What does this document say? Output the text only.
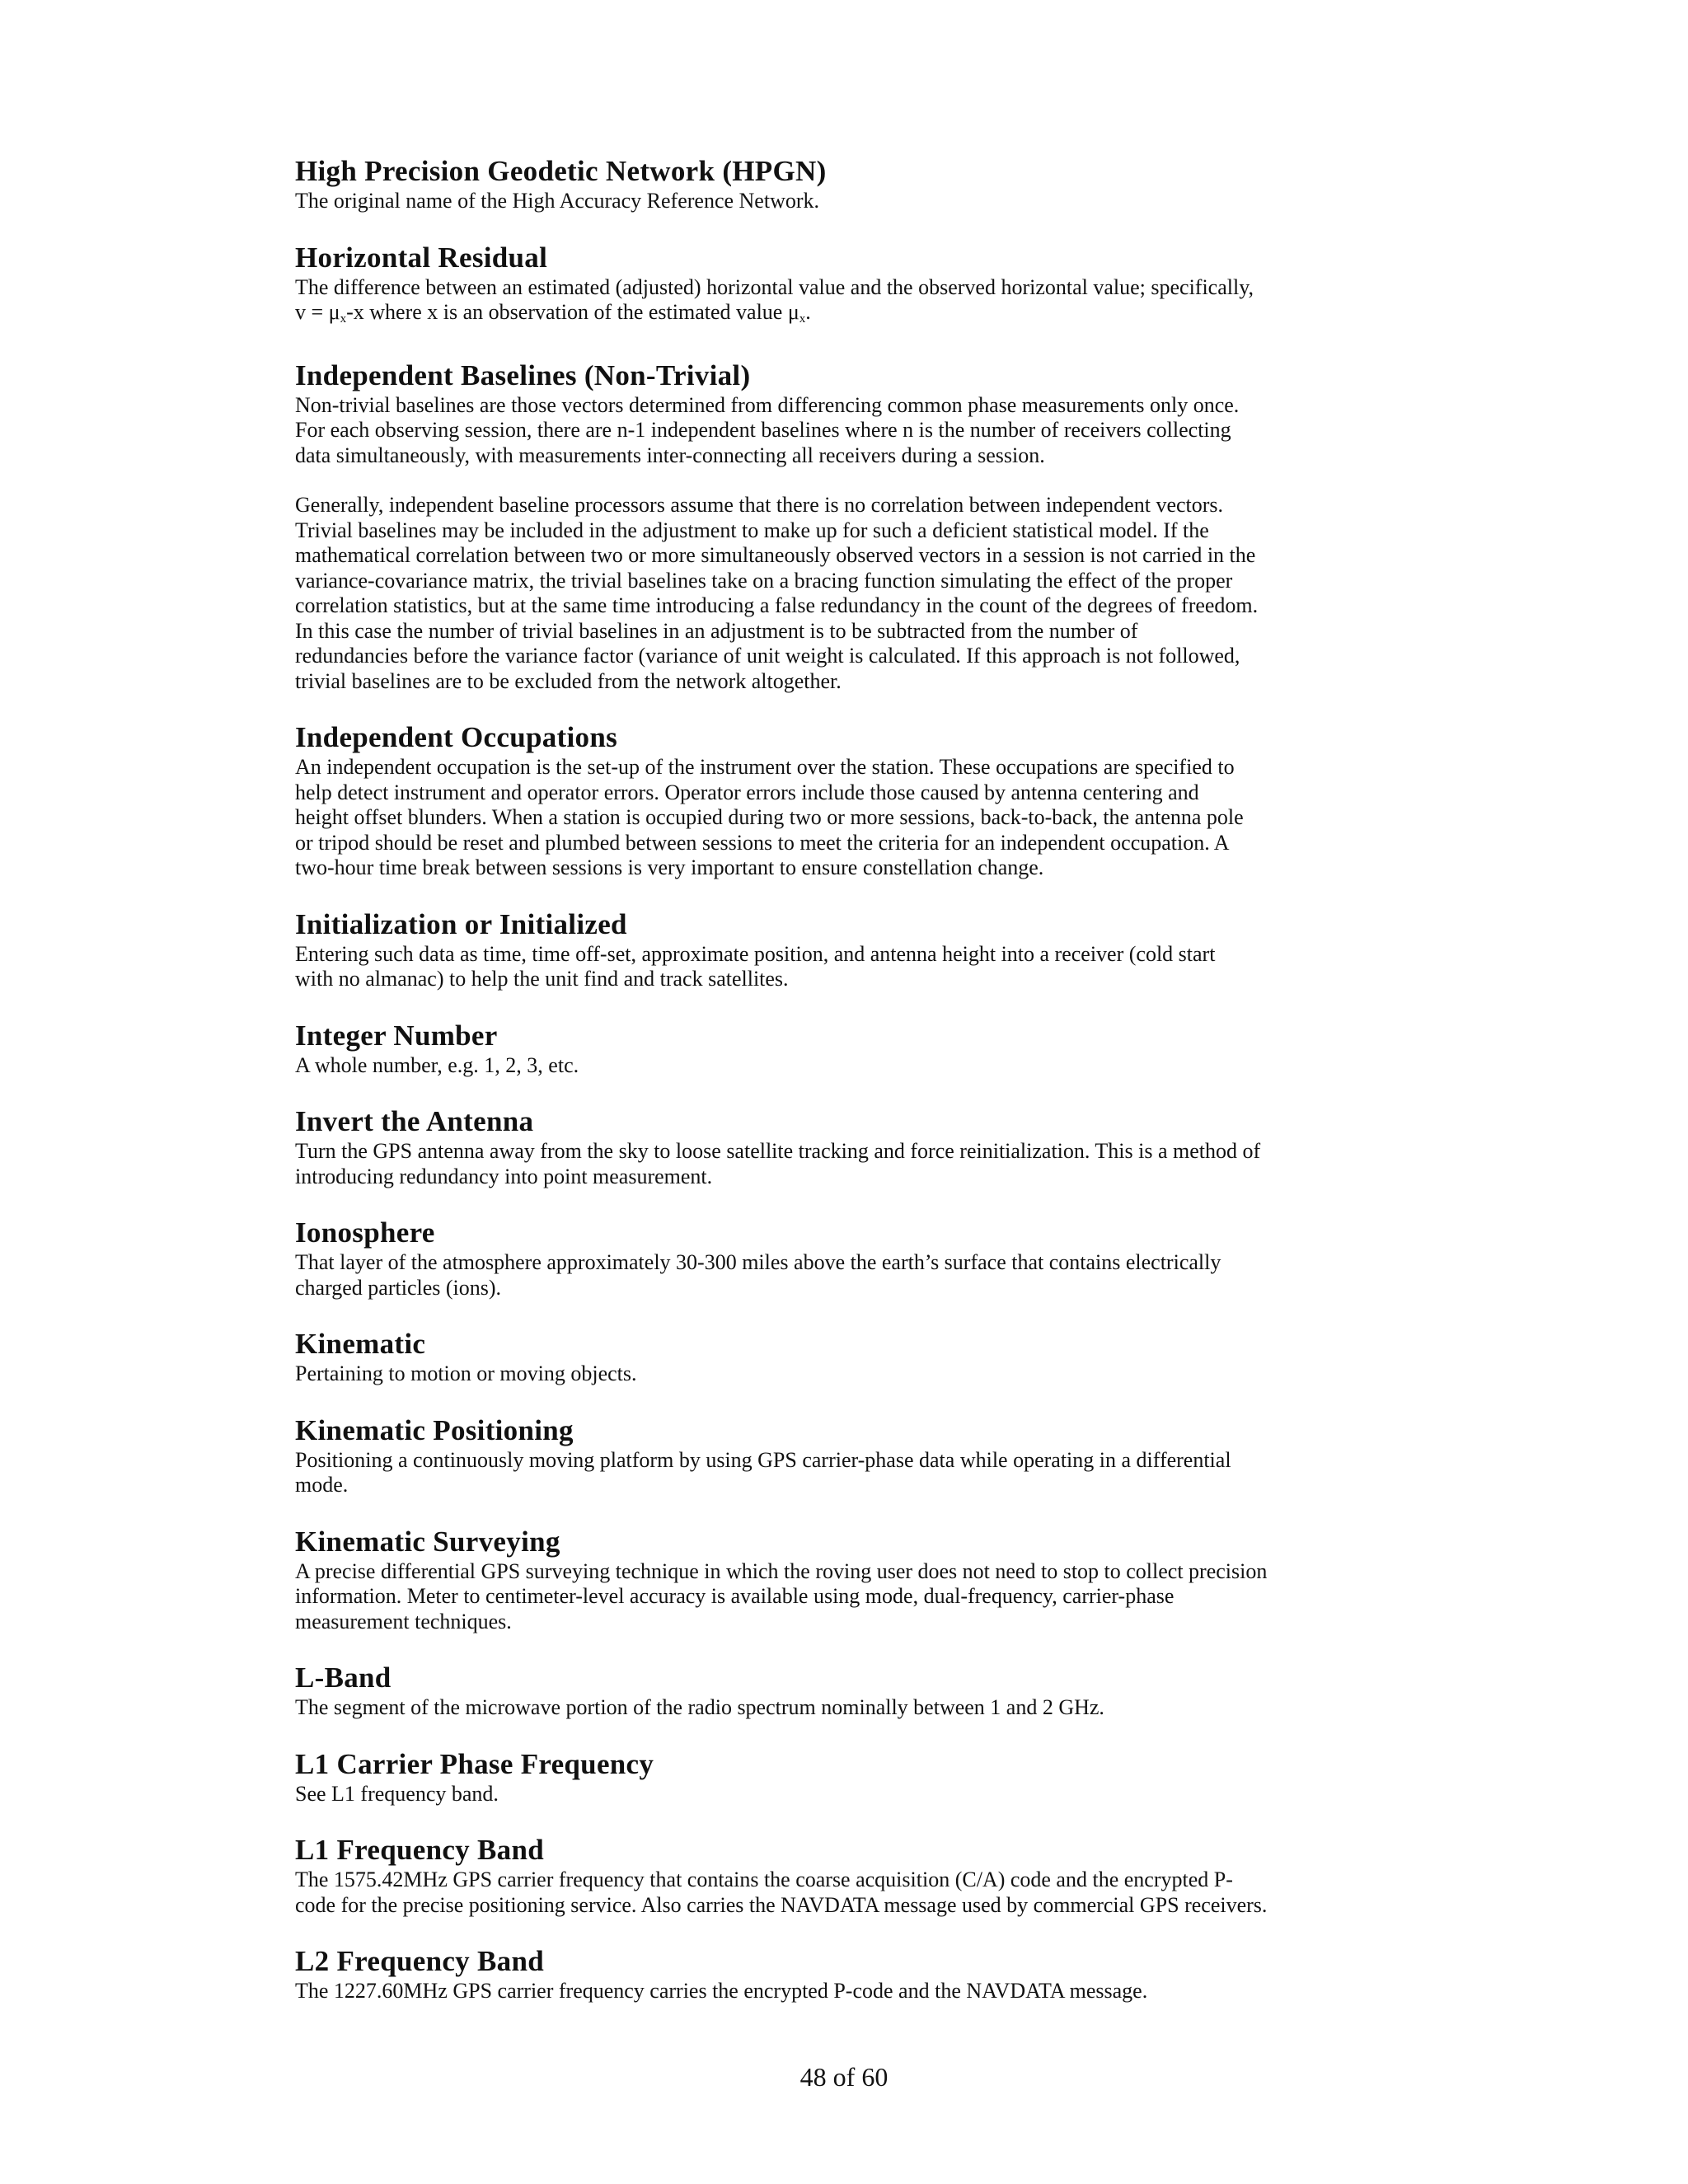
High Precision Geodetic Network (HPGN)

The original name of the High Accuracy Reference Network.

Horizontal Residual

The difference between an estimated (adjusted) horizontal value and the observed horizontal value; specifically,
$v = \mu_x-x$ where x is an observation of the estimated value $\mu_x$.

Independent Baselines (Non-Trivial)

Non-trivial baselines are those vectors determined from differencing common phase measurements only once.
For each observing session, there are n-1 independent baselines where n is the number of receivers collecting
data simultaneously, with measurements inter-connecting all receivers during a session.

Generally, independent baseline processors assume that there is no correlation between independent vectors.
Trivial baselines may be included in the adjustment to make up for such a deficient statistical model. If the
mathematical correlation between two or more simultaneously observed vectors in a session is not carried in the
variance-covariance matrix, the trivial baselines take on a bracing function simulating the effect of the proper
correlation statistics, but at the same time introducing a false redundancy in the count of the degrees of freedom.
In this case the number of trivial baselines in an adjustment is to be subtracted from the number of
redundancies before the variance factor (variance of unit weight is calculated. If this approach is not followed,
trivial baselines are to be excluded from the network altogether.

Independent Occupations

An independent occupation is the set-up of the instrument over the station. These occupations are specified to
help detect instrument and operator errors. Operator errors include those caused by antenna centering and
height offset blunders. When a station is occupied during two or more sessions, back-to-back, the antenna pole
or tripod should be reset and plumbed between sessions to meet the criteria for an independent occupation. A
two-hour time break between sessions is very important to ensure constellation change.

Initialization or Initialized

Entering such data as time, time off-set, approximate position, and antenna height into a receiver (cold start
with no almanac) to help the unit find and track satellites.

Integer Number

A whole number, e.g. 1, 2, 3, etc.

Invert the Antenna

Turn the GPS antenna away from the sky to loose satellite tracking and force reinitialization. This is a method of
introducing redundancy into point measurement.

Ionosphere

That layer of the atmosphere approximately 30-300 miles above the earth’s surface that contains electrically
charged particles (ions).

Kinematic

Pertaining to motion or moving objects.

Kinematic Positioning

Positioning a continuously moving platform by using GPS carrier-phase data while operating in a differential
mode.

Kinematic Surveying

A precise differential GPS surveying technique in which the roving user does not need to stop to collect precision
information. Meter to centimeter-level accuracy is available using mode, dual-frequency, carrier-phase
measurement techniques.

L-Band

The segment of the microwave portion of the radio spectrum nominally between 1 and 2 GHz.

L1 Carrier Phase Frequency

See L1 frequency band.

L1 Frequency Band

The 1575.42MHz GPS carrier frequency that contains the coarse acquisition (C/A) code and the encrypted P-
code for the precise positioning service. Also carries the NAVDATA message used by commercial GPS receivers.

L2 Frequency Band

The 1227.60MHz GPS carrier frequency carries the encrypted P-code and the NAVDATA message.

48 of 60
